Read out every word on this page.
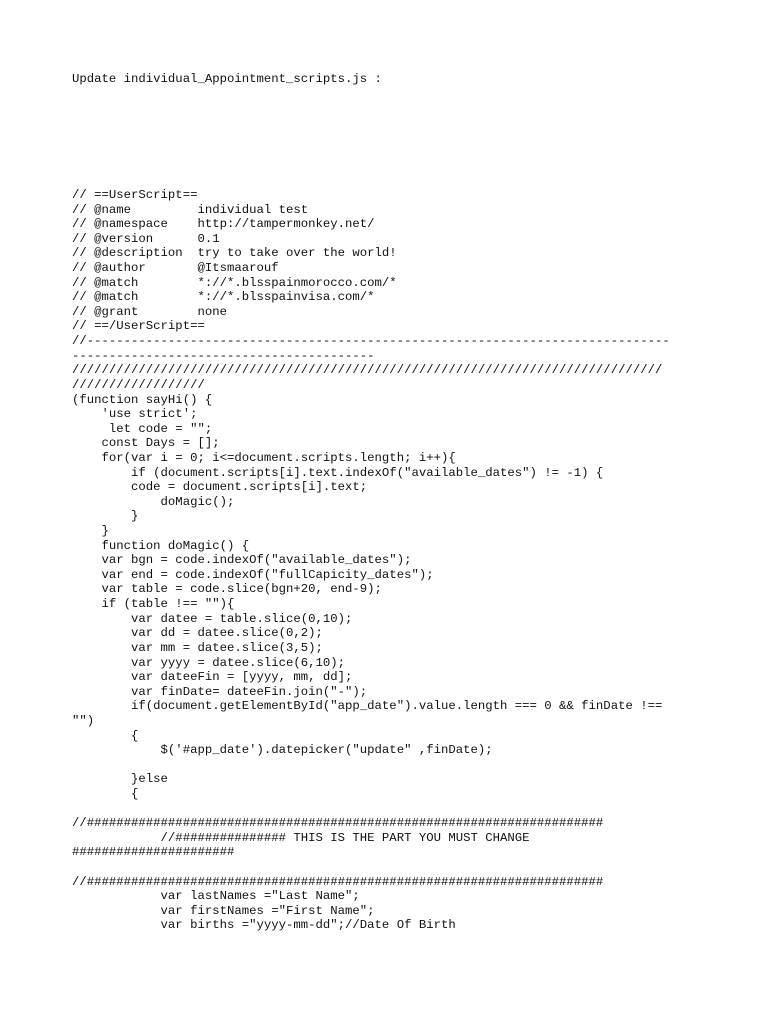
Update individual_Appointment_scripts.js :

// ==UserScript==
// @name         individual test
// @namespace    http://tampermonkey.net/
// @version      0.1
// @description  try to take over the world!
// @author       @Itsmaarouf
// @match        *://*.blsspainmorocco.com/*
// @match        *://*.blsspainvisa.com/*
// @grant        none
// ==/UserScript==
//-------------------------------------------------------------------------------
-----------------------------------------
////////////////////////////////////////////////////////////////////////////////
//////////////////
(function sayHi() {
'use strict';
let code = "";
const Days = [];
for(var i = 0; i<=document.scripts.length; i++){
if (document.scripts[i].text.indexOf("available_dates") != -1) {
code = document.scripts[i].text;
doMagic();
}
}
function doMagic() {
var bgn = code.indexOf("available_dates");
var end = code.indexOf("fullCapicity_dates");
var table = code.slice(bgn+20, end-9);
if (table !== ""){
var datee = table.slice(0,10);
var dd = datee.slice(0,2);
var mm = datee.slice(3,5);
var yyyy = datee.slice(6,10);
var dateeFin = [yyyy, mm, dd];
var finDate= dateeFin.join("-");
if(document.getElementById("app_date").value.length === 0 && finDate !==
"")
{
$('#app_date').datepicker("update" ,finDate);
}else
{
//######################################################################
//############### THIS IS THE PART YOU MUST CHANGE
######################
//######################################################################
var lastNames ="Last Name";
var firstNames ="First Name";
var births ="yyyy-mm-dd";//Date Of Birth
